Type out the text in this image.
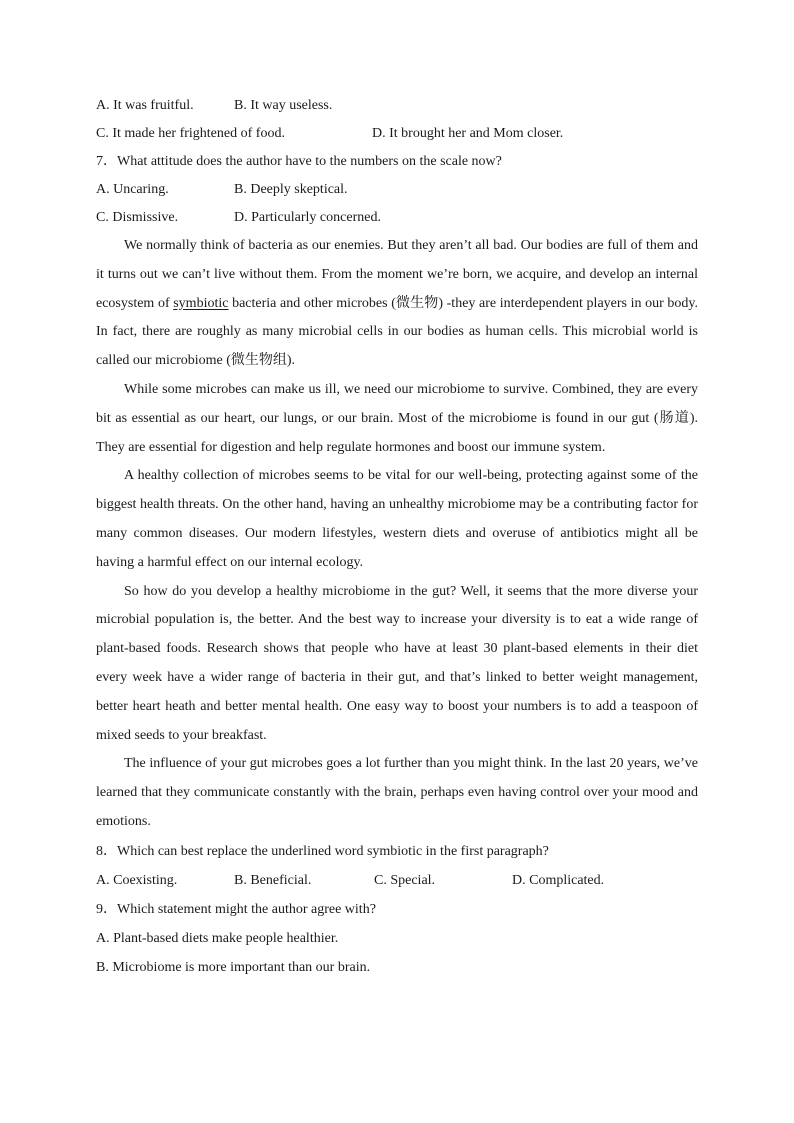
A. It was fruitful.	B. It way useless.
C. It made her frightened of food.	D. It brought her and Mom closer.
7．What attitude does the author have to the numbers on the scale now?
A. Uncaring.	B. Deeply skeptical.
C. Dismissive.	D. Particularly concerned.

We normally think of bacteria as our enemies. But they aren’t all bad. Our bodies are full of them and it turns out we can’t live without them. From the moment we’re born, we acquire, and develop an internal ecosystem of symbiotic bacteria and other microbes (微生物) -they are interdependent players in our body. In fact, there are roughly as many microbial cells in our bodies as human cells. This microbial world is called our microbiome (微生物组).

While some microbes can make us ill, we need our microbiome to survive. Combined, they are every bit as essential as our heart, our lungs, or our brain. Most of the microbiome is found in our gut (肠道). They are essential for digestion and help regulate hormones and boost our immune system.

A healthy collection of microbes seems to be vital for our well-being, protecting against some of the biggest health threats. On the other hand, having an unhealthy microbiome may be a contributing factor for many common diseases. Our modern lifestyles, western diets and overuse of antibiotics might all be having a harmful effect on our internal ecology.

So how do you develop a healthy microbiome in the gut? Well, it seems that the more diverse your microbial population is, the better. And the best way to increase your diversity is to eat a wide range of plant-based foods. Research shows that people who have at least 30 plant-based elements in their diet every week have a wider range of bacteria in their gut, and that’s linked to better weight management, better heart heath and better mental health. One easy way to boost your numbers is to add a teaspoon of mixed seeds to your breakfast.

The influence of your gut microbes goes a lot further than you might think. In the last 20 years, we’ve learned that they communicate constantly with the brain, perhaps even having control over your mood and emotions.

8．Which can best replace the underlined word symbiotic in the first paragraph?
A. Coexisting.	B. Beneficial.	C. Special.	D. Complicated.
9．Which statement might the author agree with?
A. Plant-based diets make people healthier.
B. Microbiome is more important than our brain.
